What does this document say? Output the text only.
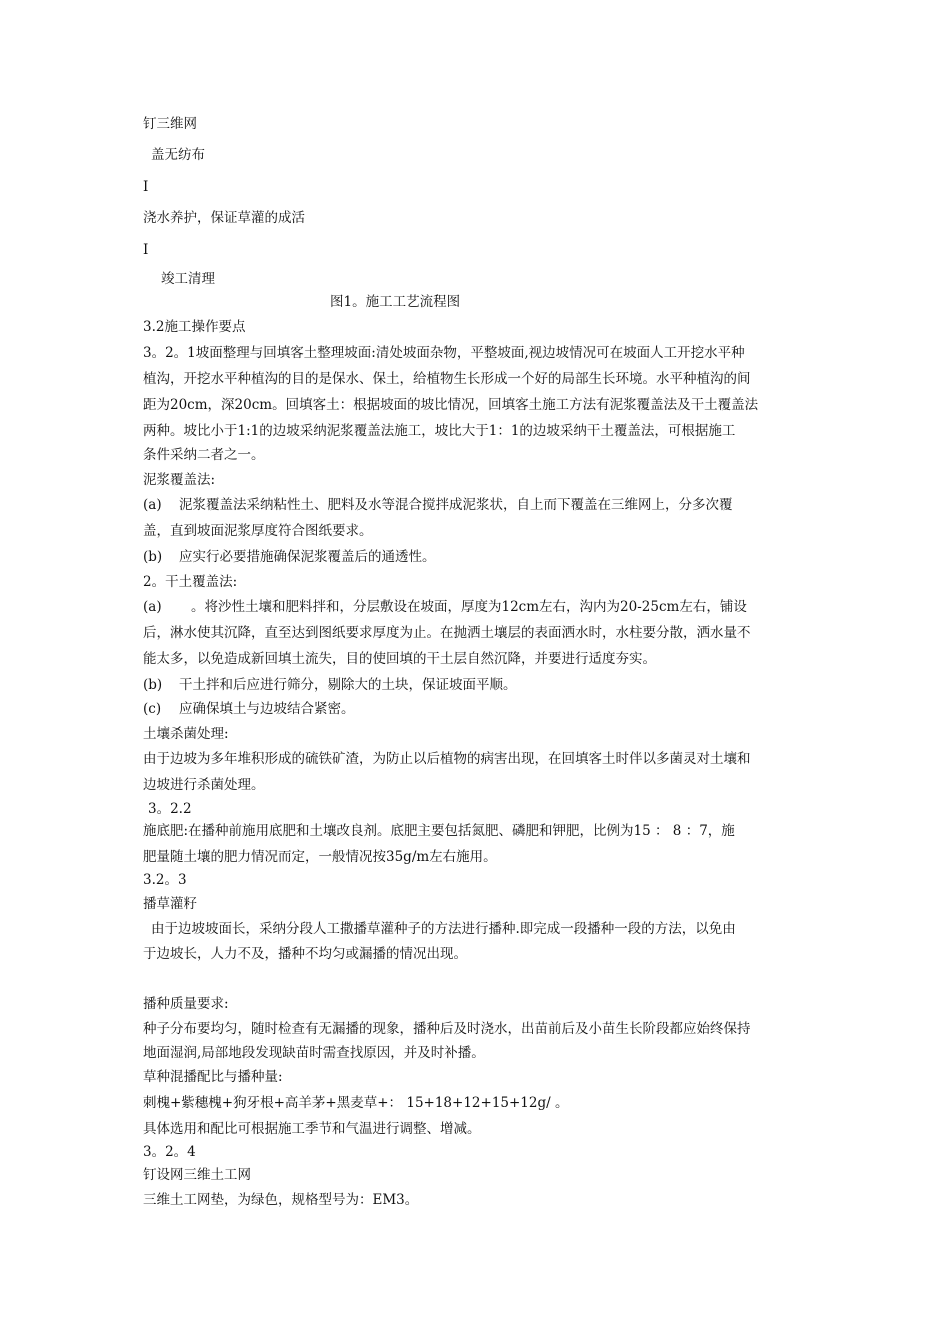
钉三维网
盖无纺布
I
浇水养护，保证草灌的成活
I
竣工清理
图1。施工工艺流程图
3.2施工操作要点
3。2。1坡面整理与回填客土整理坡面:清处坡面杂物，平整坡面,视边坡情况可在坡面人工开挖水平种
植沟，开挖水平种植沟的目的是保水、保土，给植物生长形成一个好的局部生长环境。水平种植沟的间
距为20cm，深20cm。回填客土：根据坡面的坡比情况，回填客土施工方法有泥浆覆盖法及干土覆盖法
两种。坡比小于1:1的边坡采纳泥浆覆盖法施工，坡比大于1：1的边坡采纳干土覆盖法，可根据施工
条件采纳二者之一。
泥浆覆盖法:
(a) 泥浆覆盖法采纳粘性土、肥料及水等混合搅拌成泥浆状，自上而下覆盖在三维网上，分多次覆
盖，直到坡面泥浆厚度符合图纸要求。
(b) 应实行必要措施确保泥浆覆盖后的通透性。
2。干土覆盖法:
(a) 。将沙性土壤和肥料拌和，分层敷设在坡面，厚度为12cm左右，沟内为20-25cm左右，铺设
后，淋水使其沉降，直至达到图纸要求厚度为止。在抛洒土壤层的表面洒水时，水柱要分散，洒水量不
能太多，以免造成新回填土流失，目的使回填的干土层自然沉降，并要进行适度夯实。
(b) 干土拌和后应进行筛分，剔除大的土块，保证坡面平顺。
(c) 应确保填土与边坡结合紧密。
土壤杀菌处理:
由于边坡为多年堆积形成的硫铁矿渣，为防止以后植物的病害出现，在回填客土时伴以多菌灵对土壤和
边坡进行杀菌处理。
3。2.2
施底肥:在播种前施用底肥和土壤改良剂。底肥主要包括氮肥、磷肥和钾肥，比例为15 ： 8 ：7，施
肥量随土壤的肥力情况而定，一般情况按35g/m左右施用。
3.2。3
播草灌籽
由于边坡坡面长，采纳分段人工撒播草灌种子的方法进行播种.即完成一段播种一段的方法，以免由
于边坡长，人力不及，播种不均匀或漏播的情况出现。
播种质量要求:
种子分布要均匀，随时检查有无漏播的现象，播种后及时浇水，出苗前后及小苗生长阶段都应始终保持
地面湿润,局部地段发现缺苗时需查找原因，并及时补播。
草种混播配比与播种量:
刺槐+紫穗槐+狗牙根+高羊茅+黑麦草+： 15+18+12+15+12g/ 。
具体选用和配比可根据施工季节和气温进行调整、增减。
3。2。4
钉设网三维土工网
三维土工网垫，为绿色，规格型号为：EM3。
